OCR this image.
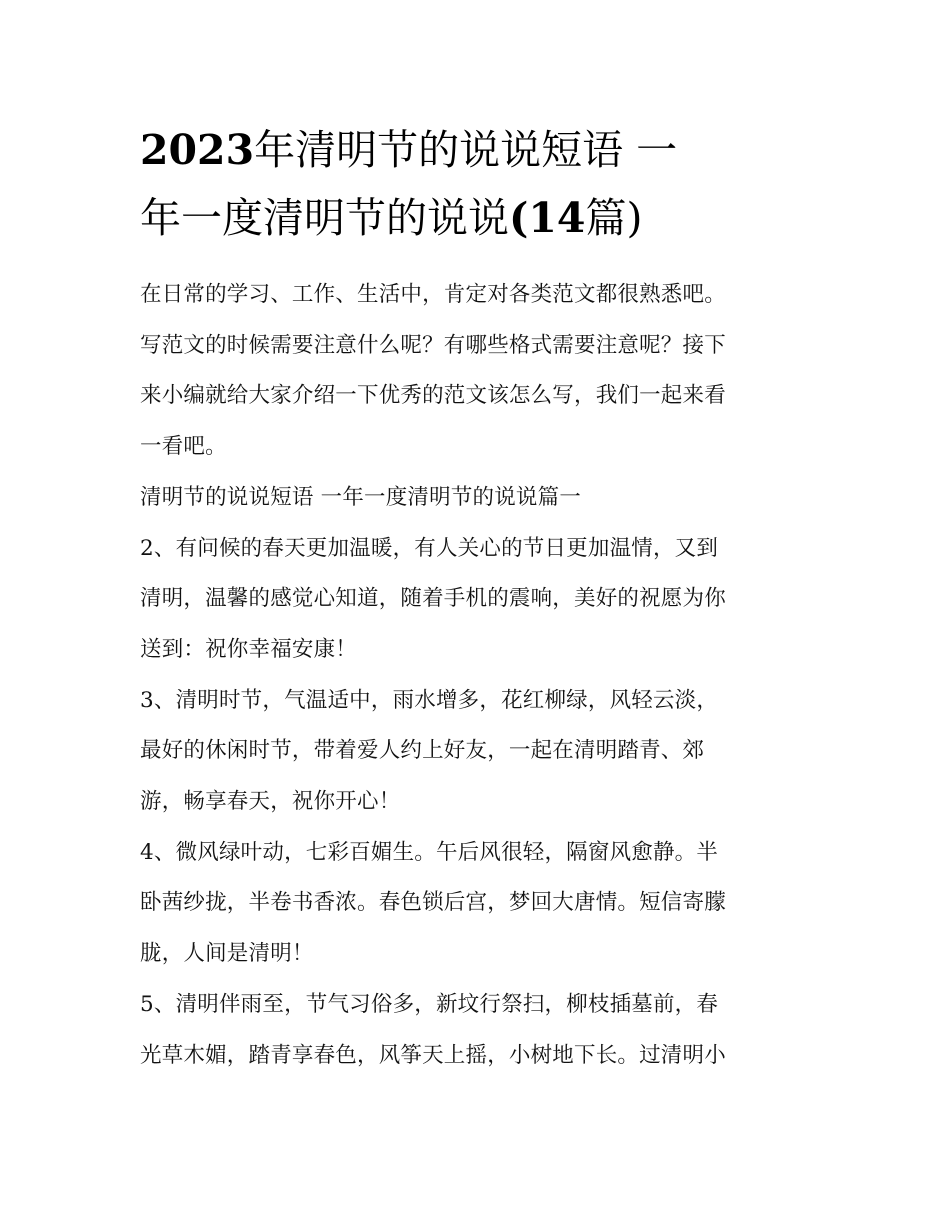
2023年清明节的说说短语 一
年一度清明节的说说(14篇)

在日常的学习、工作、生活中，肯定对各类范文都很熟悉吧。
写范文的时候需要注意什么呢？有哪些格式需要注意呢？接下
来小编就给大家介绍一下优秀的范文该怎么写，我们一起来看
一看吧。

清明节的说说短语 一年一度清明节的说说篇一

2、有问候的春天更加温暖，有人关心的节日更加温情，又到
清明，温馨的感觉心知道，随着手机的震响，美好的祝愿为你
送到：祝你幸福安康！

3、清明时节，气温适中，雨水增多，花红柳绿，风轻云淡，
最好的休闲时节，带着爱人约上好友，一起在清明踏青、郊
游，畅享春天，祝你开心！

4、微风绿叶动，七彩百媚生。午后风很轻，隔窗风愈静。半
卧茜纱拢，半卷书香浓。春色锁后宫，梦回大唐情。短信寄朦
胧，人间是清明！

5、清明伴雨至，节气习俗多，新坟行祭扫，柳枝插墓前，春
光草木媚，踏青享春色，风筝天上摇，小树地下长。过清明小
